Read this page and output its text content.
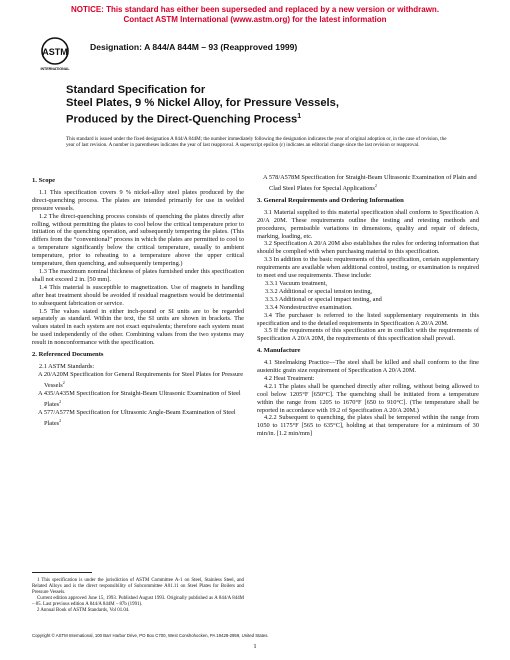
NOTICE: This standard has either been superseded and replaced by a new version or withdrawn.
Contact ASTM International (www.astm.org) for the latest information
ASTM
INTERNATIONAL
Designation: A 844/A 844M – 93 (Reapproved 1999)
Standard Specification for
Steel Plates, 9 % Nickel Alloy, for Pressure Vessels,
Produced by the Direct-Quenching Process$^1$
This standard is issued under the fixed designation A 844/A 844M; the number immediately following the designation indicates the year of original adoption or, in the case of revision, the year of last revision. A number in parentheses indicates the year of last reapproval. A superscript epsilon (ε) indicates an editorial change since the last revision or reapproval.
1. Scope

1.1 This specification covers 9 % nickel-alloy steel plates produced by the direct-quenching process. The plates are intended primarily for use in welded pressure vessels.

1.2 The direct-quenching process consists of quenching the plates directly after rolling, without permitting the plates to cool below the critical temperature prior to initiation of the quenching operation, and subsequently tempering the plates. (This differs from the “conventional” process in which the plates are permitted to cool to a temperature significantly below the critical temperature, usually to ambient temperature, prior to reheating to a temperature above the upper critical temperature, then quenching, and subsequently tempering.)

1.3 The maximum nominal thickness of plates furnished under this specification shall not exceed 2 in. [50 mm].

1.4 This material is susceptible to magnetization. Use of magnets in handling after heat treatment should be avoided if residual magnetism would be detrimental to subsequent fabrication or service.

1.5 The values stated in either inch-pound or SI units are to be regarded separately as standard. Within the text, the SI units are shown in brackets. The values stated in each system are not exact equivalents; therefore each system must be used independently of the other. Combining values from the two systems may result in nonconformance with the specification.

2. Referenced Documents

2.1 ASTM Standards:

A 20/A20M Specification for General Requirements for Steel Plates for Pressure Vessels$^2$

A 435/A435M Specification for Straight-Beam Ultrasonic Examination of Steel Plates$^2$

A 577/A577M Specification for Ultrasonic Angle-Beam Examination of Steel Plates$^2$

A 578/A578M Specification for Straight-Beam Ultrasonic Examination of Plain and Clad Steel Plates for Special Applications$^2$

3. General Requirements and Ordering Information

3.1 Material supplied to this material specification shall conform to Specification A 20/A 20M. These requirements outline the testing and retesting methods and procedures, permissible variations in dimensions, quality and repair of defects, marking, loading, etc.

3.2 Specification A 20/A 20M also establishes the rules for ordering information that should be complied with when purchasing material to this specification.

3.3 In addition to the basic requirements of this specification, certain supplementary requirements are available when additional control, testing, or examination is required to meet end use requirements. These include:

3.3.1 Vacuum treatment,

3.3.2 Additional or special tension testing,

3.3.3 Additional or special impact testing, and

3.3.4 Nondestructive examination.

3.4 The purchaser is referred to the listed supplementary requirements in this specification and to the detailed requirements in Specification A 20/A 20M.

3.5 If the requirements of this specification are in conflict with the requirements of Specification A 20/A 20M, the requirements of this specification shall prevail.

4. Manufacture

4.1 Steelmaking Practice—The steel shall be killed and shall conform to the fine austenitic grain size requirement of Specification A 20/A 20M.

4.2 Heat Treatment:

4.2.1 The plates shall be quenched directly after rolling, without being allowed to cool below 1205°F [650°C]. The quenching shall be initiated from a temperature within the range from 1205 to 1670°F [650 to 910°C]. (The temperature shall be reported in accordance with 19.2 of Specification A 20/A 20M.)

4.2.2 Subsequent to quenching, the plates shall be tempered within the range from 1050 to 1175°F [565 to 635°C], holding at that temperature for a minimum of 30 min/in. [1.2 min/mm]

1 This specification is under the jurisdiction of ASTM Committee A-1 on Steel, Stainless Steel, and Related Alloys and is the direct responsibility of Subcommittee A01.11 on Steel Plates for Boilers and Pressure Vessels.

Current edition approved June 15, 1993. Published August 1993. Originally published as A 844/A 844M – 85. Last previous edition A 844/A 844M – 87b (1991).

2 Annual Book of ASTM Standards, Vol 01.04.

Copyright © ASTM International, 100 Barr Harbor Drive, PO Box C700, West Conshohocken, PA 19428-2959, United States.
1
